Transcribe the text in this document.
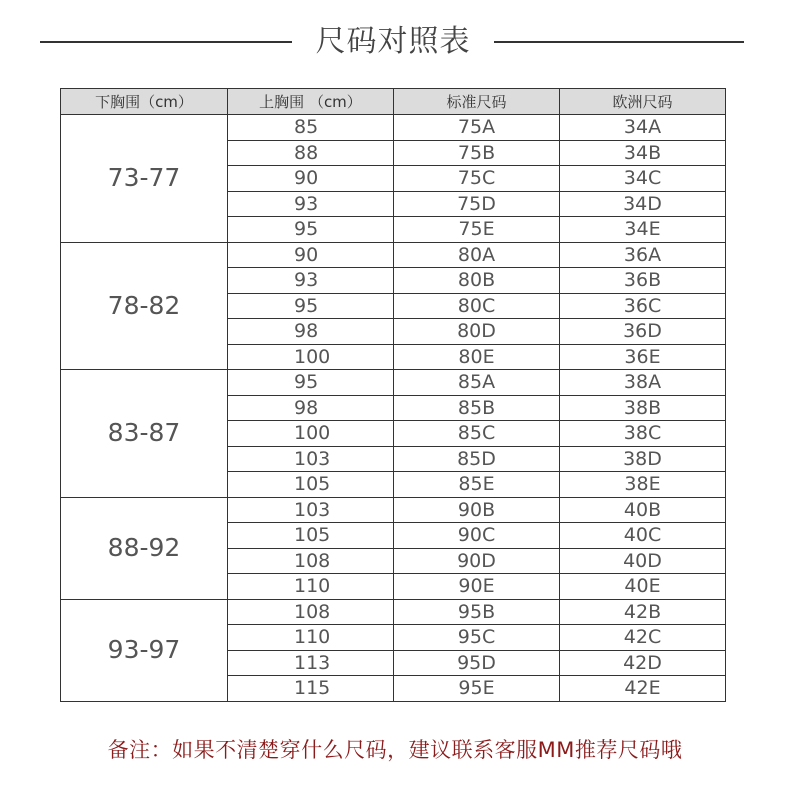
尺码对照表
下胸围（cm）	上胸围 （cm）	标准尺码	欧洲尺码
73-77	85	75A	34A
	88	75B	34B
	90	75C	34C
	93	75D	34D
	95	75E	34E
78-82	90	80A	36A
	93	80B	36B
	95	80C	36C
	98	80D	36D
	100	80E	36E
83-87	95	85A	38A
	98	85B	38B
	100	85C	38C
	103	85D	38D
	105	85E	38E
88-92	103	90B	40B
	105	90C	40C
	108	90D	40D
	110	90E	40E
93-97	108	95B	42B
	110	95C	42C
	113	95D	42D
	115	95E	42E
备注：如果不清楚穿什么尺码，建议联系客服MM推荐尺码哦
